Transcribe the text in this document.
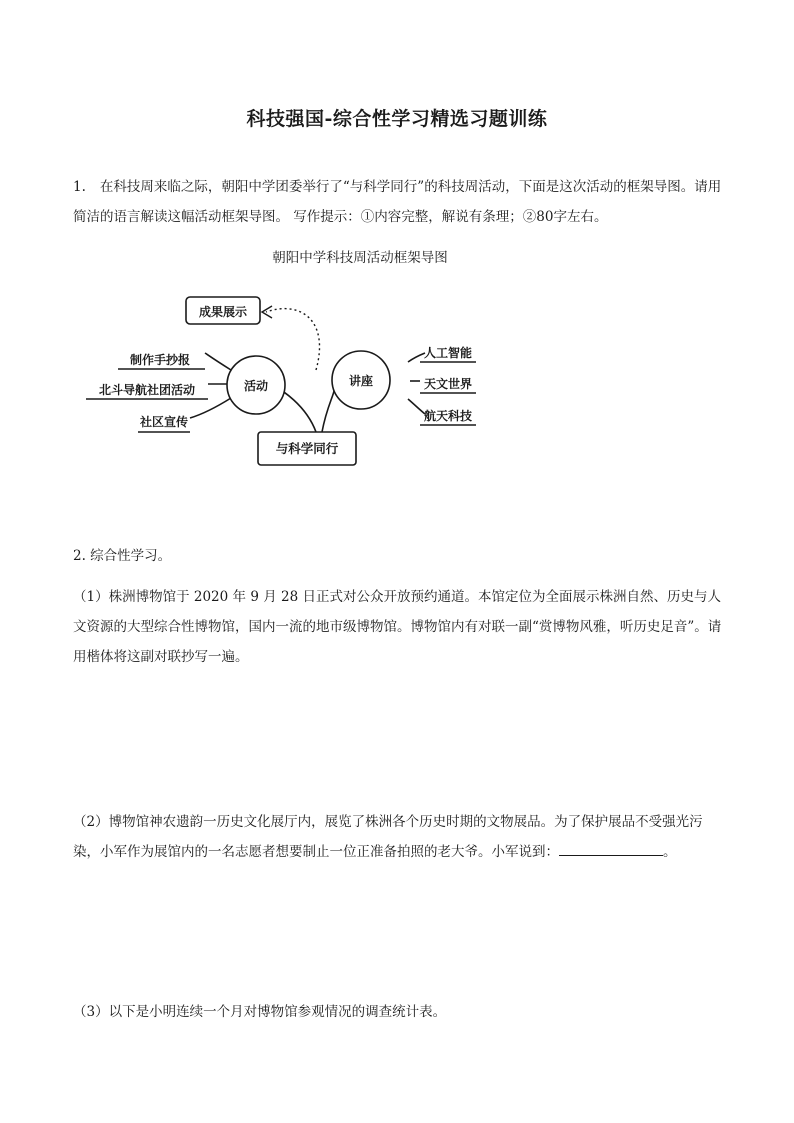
科技强国-综合性学习精选习题训练
1. 在科技周来临之际，朝阳中学团委举行了“与科学同行”的科技周活动，下面是这次活动的框架导图。请用简洁的语言解读这幅活动框架导图。 写作提示：①内容完整，解说有条理；②80字左右。
朝阳中学科技周活动框架导图
成果展示
活动	讲座
与科学同行
制作手抄报
北斗导航社团活动
社区宣传
人工智能
天文世界
航天科技
2. 综合性学习。
（1）株洲博物馆于 2020 年 9 月 28 日正式对公众开放预约通道。本馆定位为全面展示株洲自然、历史与人文资源的大型综合性博物馆，国内一流的地市级博物馆。博物馆内有对联一副“赏博物风雅，听历史足音”。请用楷体将这副对联抄写一遍。
（2）博物馆神农遗韵一历史文化展厅内，展览了株洲各个历史时期的文物展品。为了保护展品不受强光污染，小军作为展馆内的一名志愿者想要制止一位正准备拍照的老大爷。小军说到：	。
（3）以下是小明连续一个月对博物馆参观情况的调查统计表。
